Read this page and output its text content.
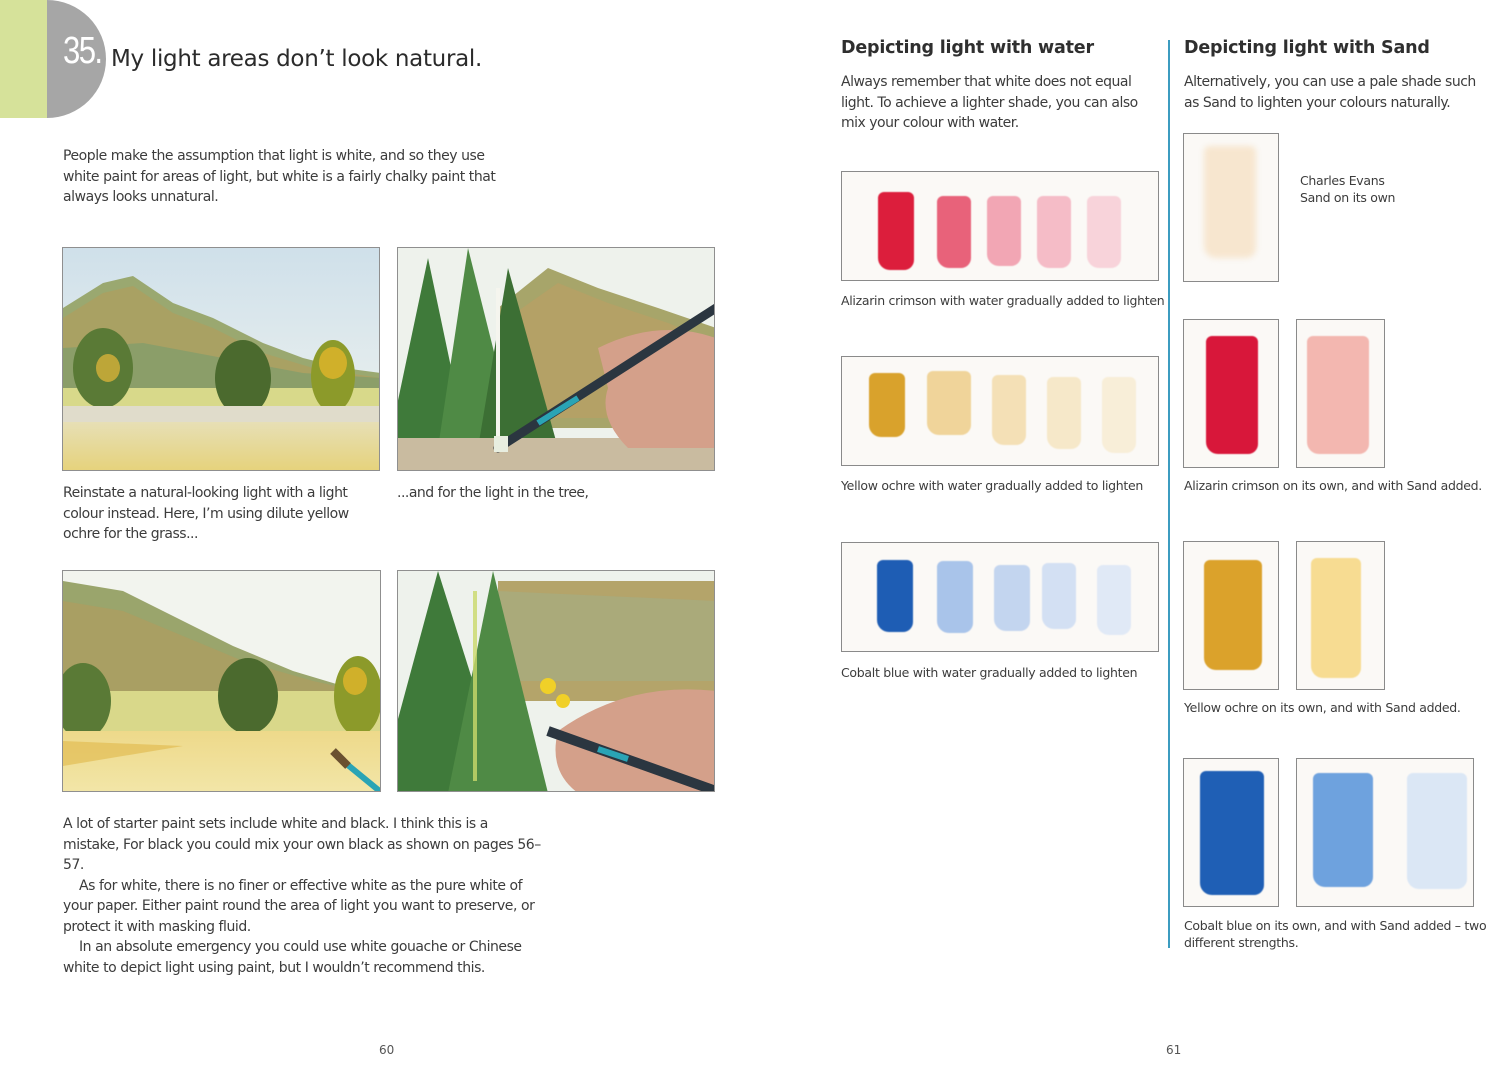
35. My light areas don’t look natural.
People make the assumption that light is white, and so they use white paint for areas of light, but white is a fairly chalky paint that always looks unnatural.
Reinstate a natural-looking light with a light colour instead. Here, I’m using dilute yellow ochre for the grass...
...and for the light in the tree,

A lot of starter paint sets include white and black. I think this is a mistake, For black you could mix your own black as shown on pages 56–57.

As for white, there is no finer or effective white as the pure white of your paper. Either paint round the area of light you want to preserve, or protect it with masking fluid.

In an absolute emergency you could use white gouache or Chinese white to depict light using paint, but I wouldn’t recommend this.

60
Depicting light with water
Always remember that white does not equal light. To achieve a lighter shade, you can also mix your colour with water.
Alizarin crimson with water gradually added to lighten
Yellow ochre with water gradually added to lighten
Cobalt blue with water gradually added to lighten
Depicting light with Sand
Alternatively, you can use a pale shade such as Sand to lighten your colours naturally.
Charles Evans
Sand on its own
Alizarin crimson on its own, and with Sand added.
Yellow ochre on its own, and with Sand added.
Cobalt blue on its own, and with Sand added – two different strengths.
61
